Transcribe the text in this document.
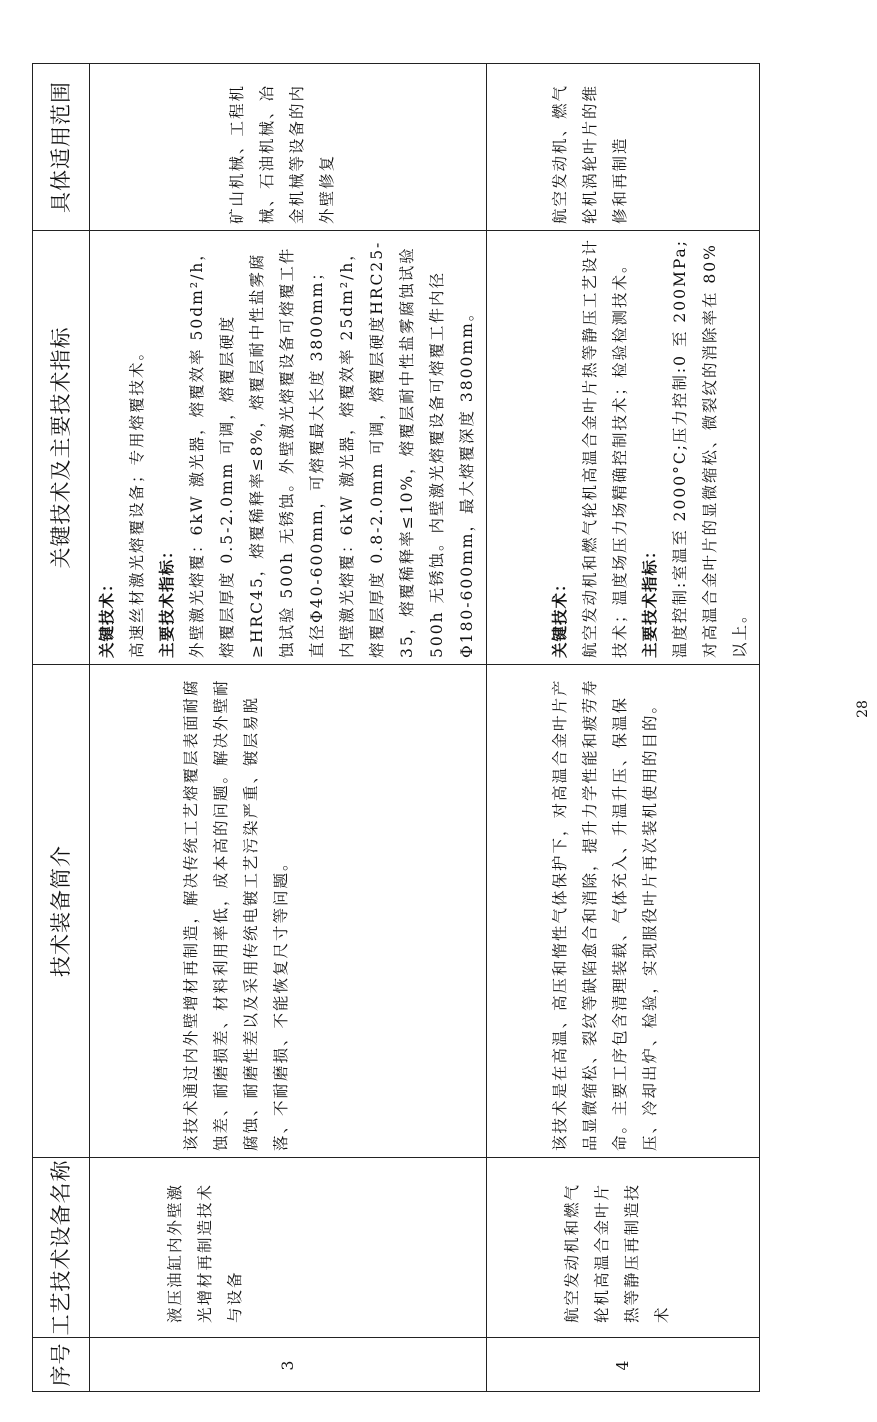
序号	工艺技术设备名称	技术装备简介	关键技术及主要技术指标	具体适用范围
3	液压油缸内外壁激光增材再制造技术与设备	该技术通过内外壁增材再制造，解决传统工艺熔覆层表面耐腐蚀差、耐磨损差、材料利用率低，成本高的问题。解决外壁耐腐蚀、耐磨性差以及采用传统电镀工艺污染严重、镀层易脱落、不耐磨损、不能恢复尺寸等问题。	关键技术： 高速丝材激光熔覆设备；专用熔覆技术。 主要技术指标： 外壁激光熔覆：6kW 激光器，熔覆效率 50dm²/h，熔覆层厚度 0.5-2.0mm 可调，熔覆层硬度≥HRC45，熔覆稀释率≤8%，熔覆层耐中性盐雾腐蚀试验 500h 无锈蚀。外壁激光熔覆设备可熔覆工件直径Φ40-600mm，可熔覆最大长度 3800mm； 内壁激光熔覆：6kW 激光器，熔覆效率 25dm²/h，熔覆层厚度 0.8-2.0mm 可调，熔覆层硬度HRC25-35，熔覆稀释率≤10%，熔覆层耐中性盐雾腐蚀试验 500h 无锈蚀。内壁激光熔覆设备可熔覆工件内径Φ180-600mm，最大熔覆深度 3800mm。	矿山机械、工程机械、石油机械、冶金机械等设备的内外壁修复

4	航空发动机和燃气轮机高温合金叶片热等静压再制造技术	该技术是在高温、高压和惰性气体保护下，对高温合金叶片产品显微缩松、裂纹等缺陷愈合和消除，提升力学性能和疲劳寿命。主要工序包含清理装载、气体充入、升温升压、保温保压、冷却出炉、检验，实现服役叶片再次装机使用的目的。	关键技术： 航空发动机和燃气轮机高温合金叶片热等静压工艺设计技术；温度场压力场精确控制技术；检验检测技术。 主要技术指标： 温度控制:室温至 2000°C;压力控制:0 至 200MPa;对高温合金叶片的显微缩松、微裂纹的消除率在 80%以上。	航空发动机、燃气轮机涡轮叶片的维修和再制造
28
